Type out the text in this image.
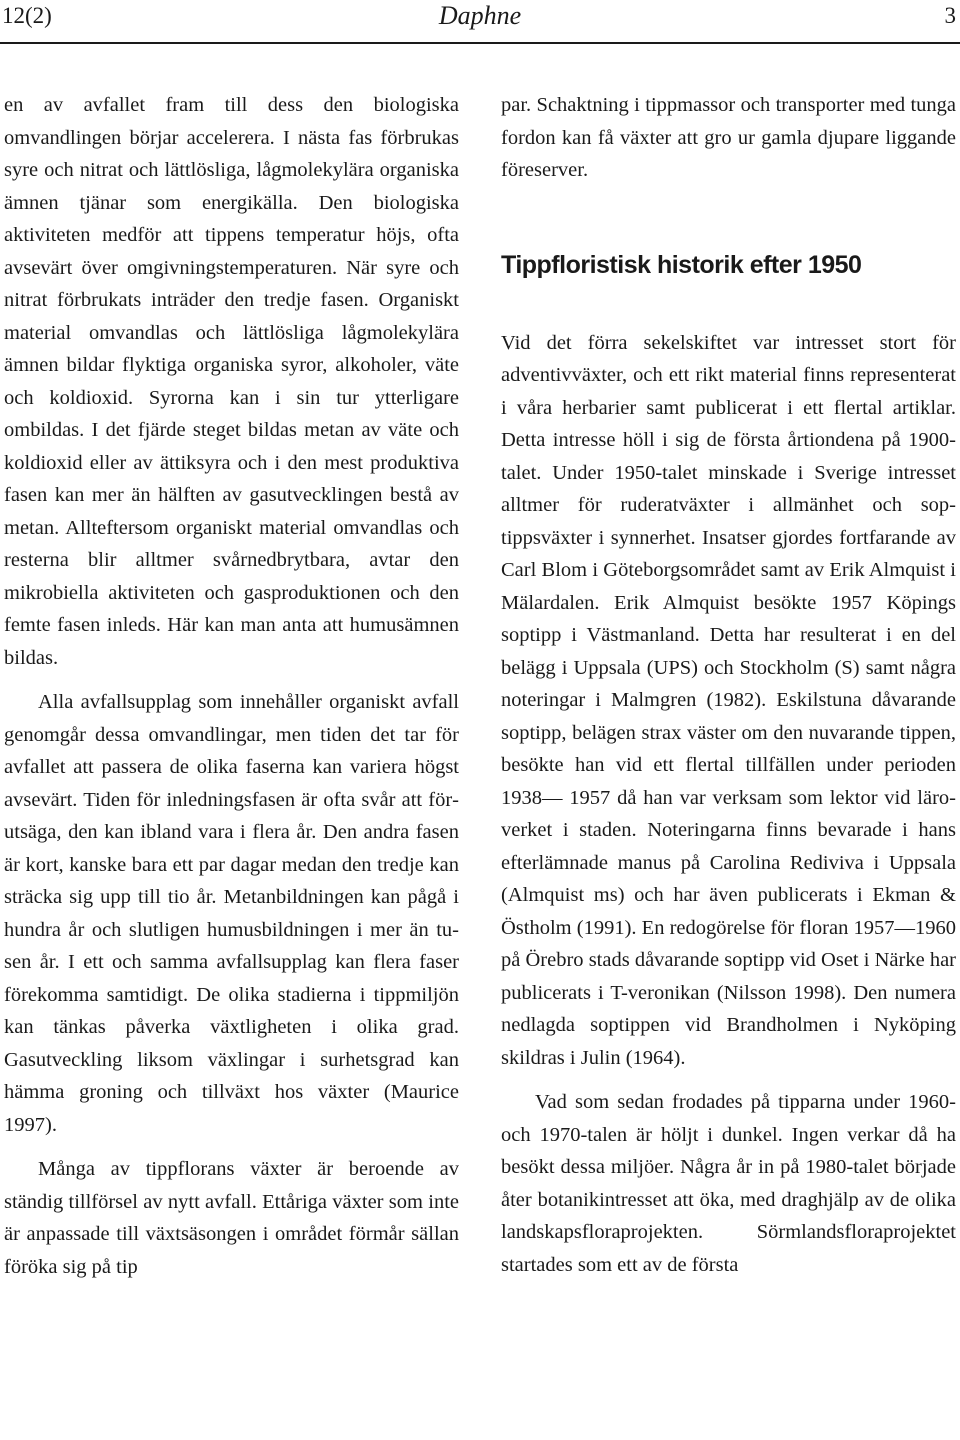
12(2)	Daphne	3

en av avfallet fram till dess den biologiska omvandlingen börjar accelerera. I nästa fas förbrukas syre och nitrat och lättlösliga, lågmolekylära organiska ämnen tjänar som energikälla. Den biologiska aktiviteten medför att tippens temperatur höjs, ofta avsevärt över omgivningstemperaturen. När syre och nitrat förbrukats inträder den tredje fasen. Organiskt material omvandlas och lättlösliga lågmolekylära ämnen bildar flyktiga organiska syror, alkoholer, väte och koldioxid. Syrorna kan i sin tur ytterligare ombildas. I det fjärde steget bildas metan av väte och koldioxid eller av ättiksyra och i den mest produktiva fasen kan mer än hälften av gasutvecklingen bestå av metan. Allteftersom organiskt material omvandlas och resterna blir alltmer svårnedbrytbara, avtar den mikrobiella aktiviteten och gasproduktionen och den femte fasen inleds. Här kan man anta att humusämnen bildas.

Alla avfallsupplag som innehåller organiskt avfall genomgår dessa omvandlingar, men tiden det tar för avfallet att passera de olika faserna kan variera högst avsevärt. Tiden för inledningsfasen är ofta svår att förutsäga, den kan ibland vara i flera år. Den andra fasen är kort, kanske bara ett par dagar medan den tredje kan sträcka sig upp till tio år. Metanbildningen kan pågå i hundra år och slutligen humusbildningen i mer än tusen år. I ett och samma avfallsupplag kan flera faser förekomma samtidigt. De olika stadierna i tippmiljön kan tänkas påverka växtligheten i olika grad. Gasutveckling liksom växlingar i surhetsgrad kan hämma groning och tillväxt hos växter (Maurice 1997).

Många av tippflorans växter är beroende av ständig tillförsel av nytt avfall. Ettåriga växter som inte är anpassade till växtsäsongen i området förmår sällan föröka sig på tip

par. Schaktning i tippmassor och transporter med tunga fordon kan få växter att gro ur gamla djupare liggande föreserver.

Tippfloristisk historik efter 1950

Vid det förra sekelskiftet var intresset stort för adventivväxter, och ett rikt material finns representerat i våra herbarier samt publicerat i ett flertal artiklar. Detta intresse höll i sig de första årtiondena på 1900-talet. Under 1950-talet minskade i Sverige intresset alltmer för ruderatväxter i allmänhet och soptippsväxter i synnerhet. Insatser gjordes fortfarande av Carl Blom i Göteborgsområdet samt av Erik Almquist i Mälardalen. Erik Almquist besökte 1957 Köpings soptipp i Västmanland. Detta har resulterat i en del belägg i Uppsala (UPS) och Stockholm (S) samt några noteringar i Malmgren (1982). Eskilstuna dåvarande soptipp, belägen strax väster om den nuvarande tippen, besökte han vid ett flertal tillfällen under perioden 1938— 1957 då han var verksam som lektor vid läroverket i staden. Noteringarna finns bevarade i hans efterlämnade manus på Carolina Rediviva i Uppsala (Almquist ms) och har även publicerats i Ekman & Östholm (1991). En redogörelse för floran 1957—1960 på Örebro stads dåvarande soptipp vid Oset i Närke har publicerats i T-veronikan (Nilsson 1998). Den numera nedlagda soptippen vid Brandholmen i Nyköping skildras i Julin (1964).

Vad som sedan frodades på tipparna under 1960- och 1970-talen är höljt i dunkel. Ingen verkar då ha besökt dessa miljöer. Några år in på 1980-talet började åter botanikintresset att öka, med draghjälp av de olika landskapsfloraprojekten. Sörmlandsfloraprojektet startades som ett av de första
